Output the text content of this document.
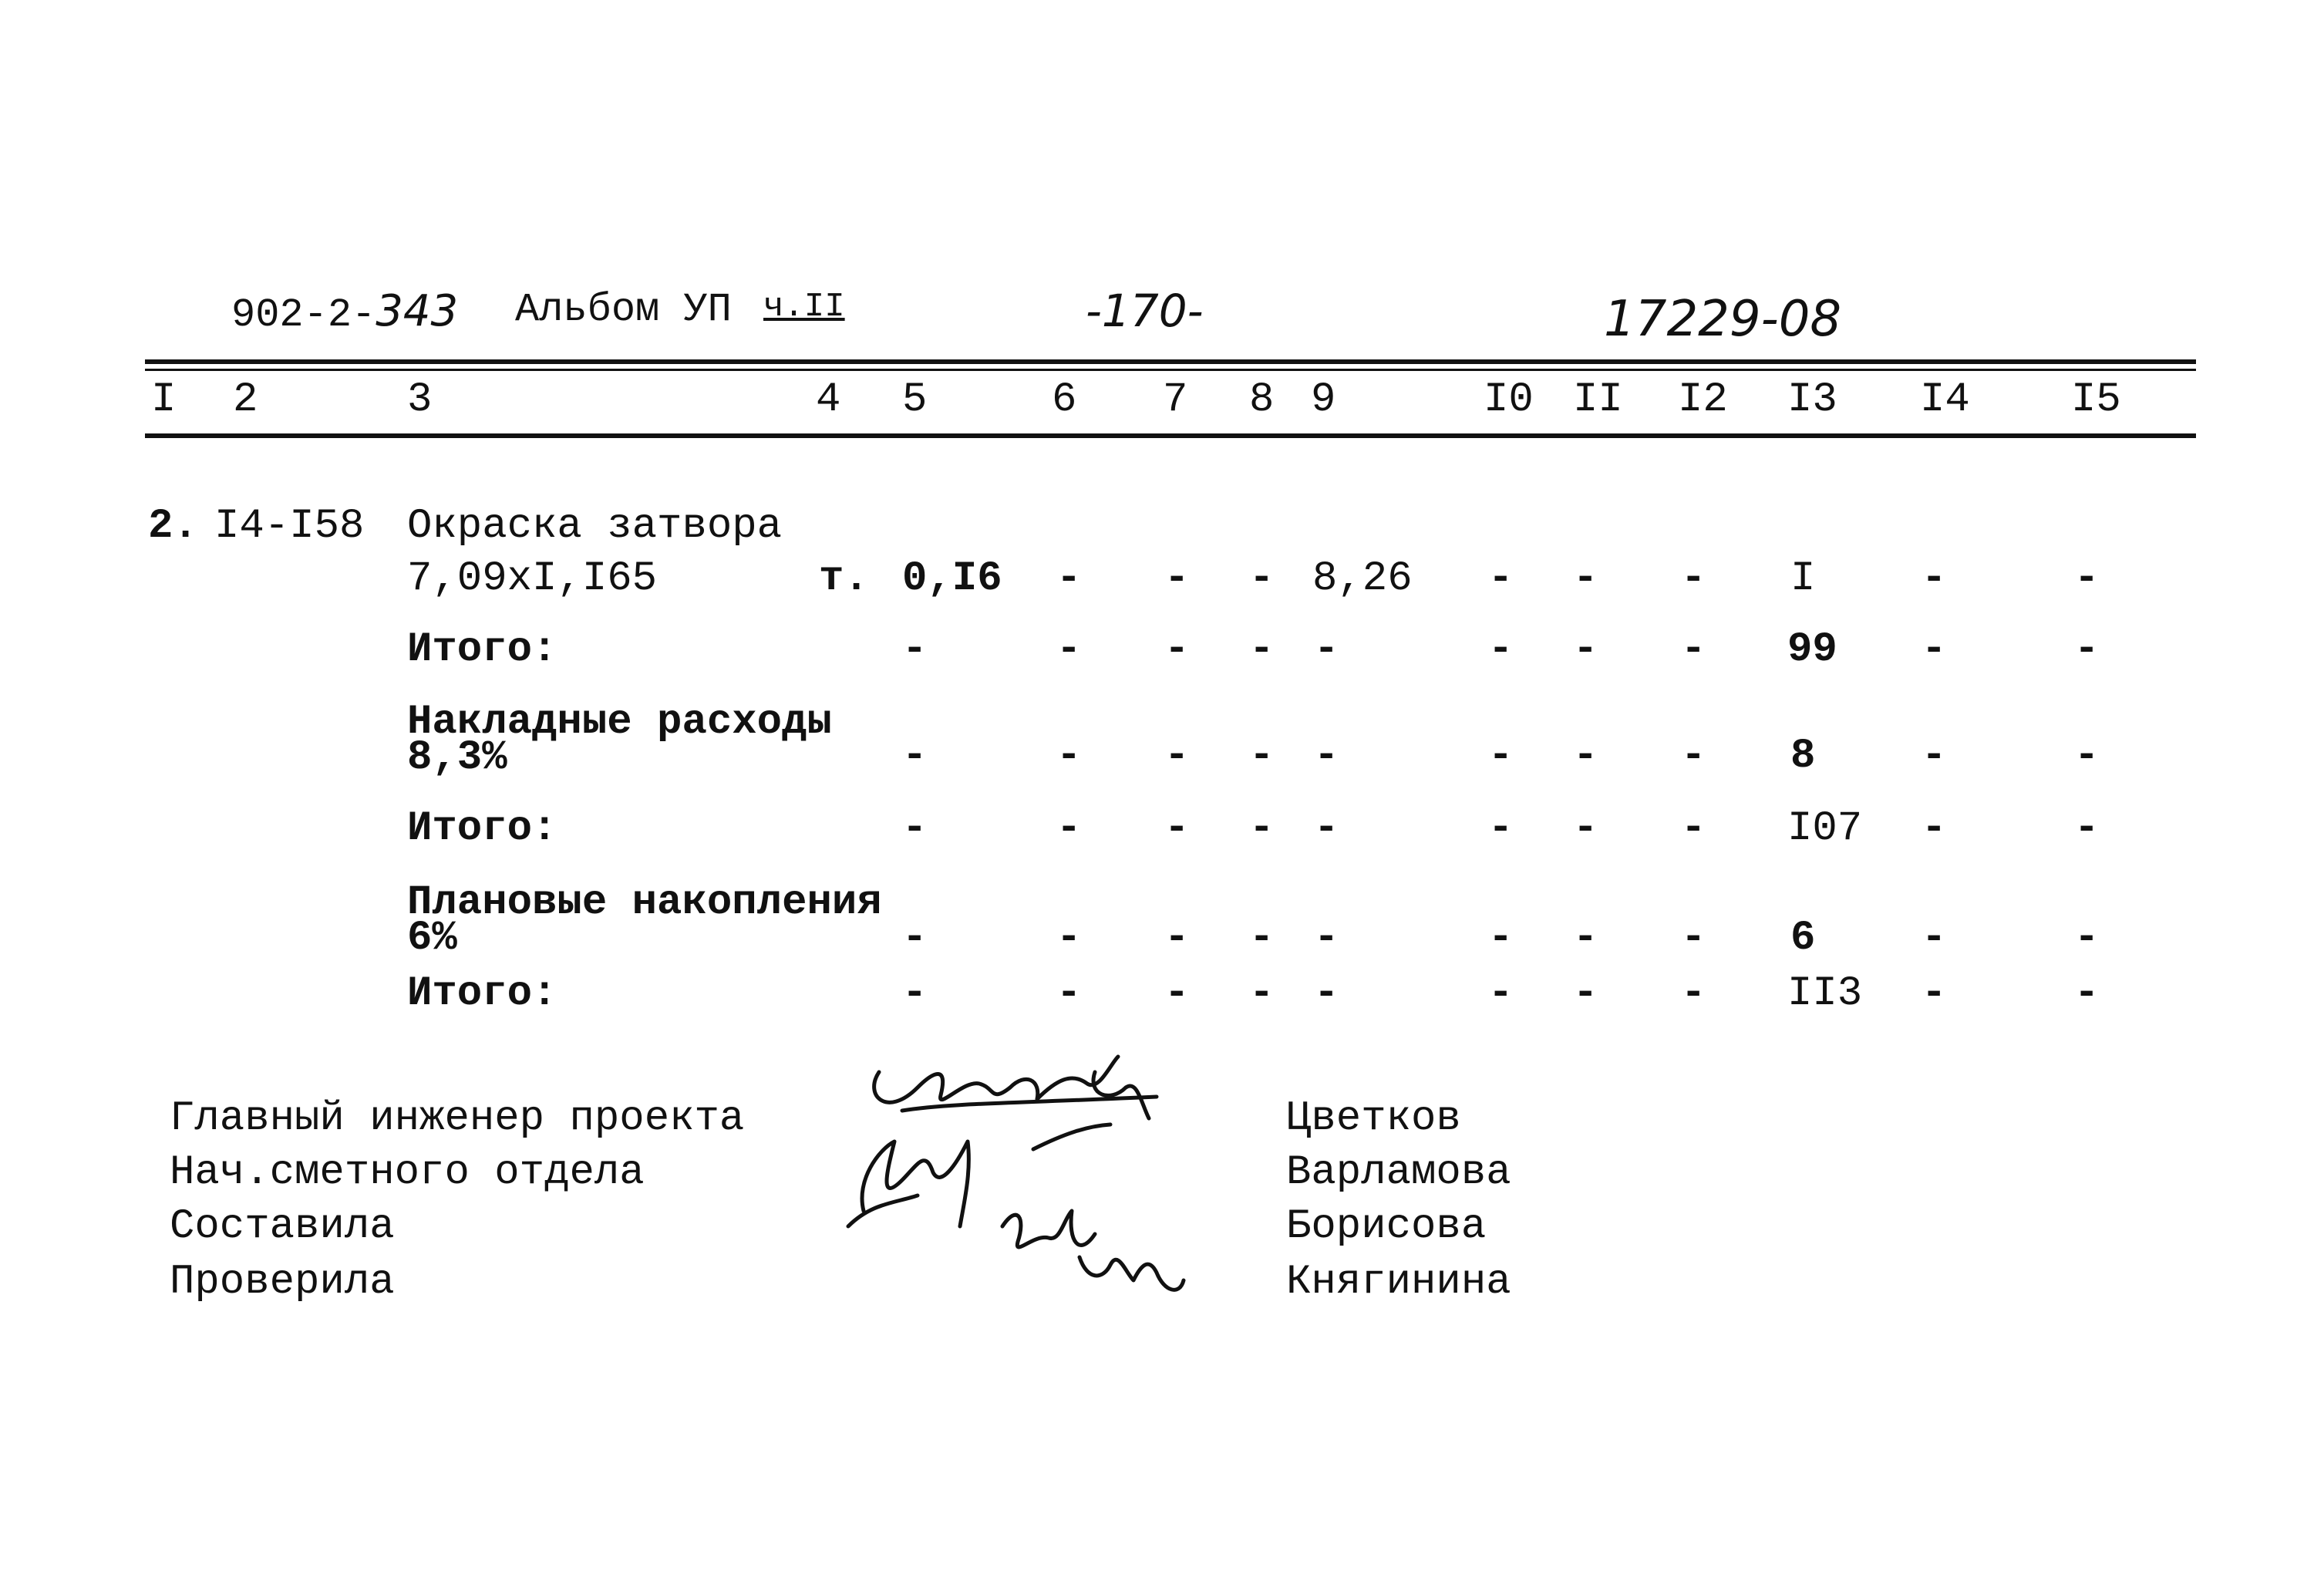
902-2-343 Альбом УП ч.II	-170-	17229-08
I 2	3	4 5	6 7 8 9	I0 II I2 I3 I4 I5
2. I4-I58 Окраска затвора
7,09xI,I65	т. 0,I6 - - - 8,26 - - - I	-	-
Итого:	-	- - - -	- - - 99 -	-
Накладные расходы
8,3%	-	- - - -	- - - 8	-	-
Итого:	-	- - - -	- - - I07 -	-
Плановые накопления
6%	-	- - - -	- - - 6	-	-
Итого:	-	- - - -	- - - II3 -	-
Главный инженер проекта
Нач.сметного отдела
Составила
Проверила
Цветков
Варламова
Борисова
Княгинина
